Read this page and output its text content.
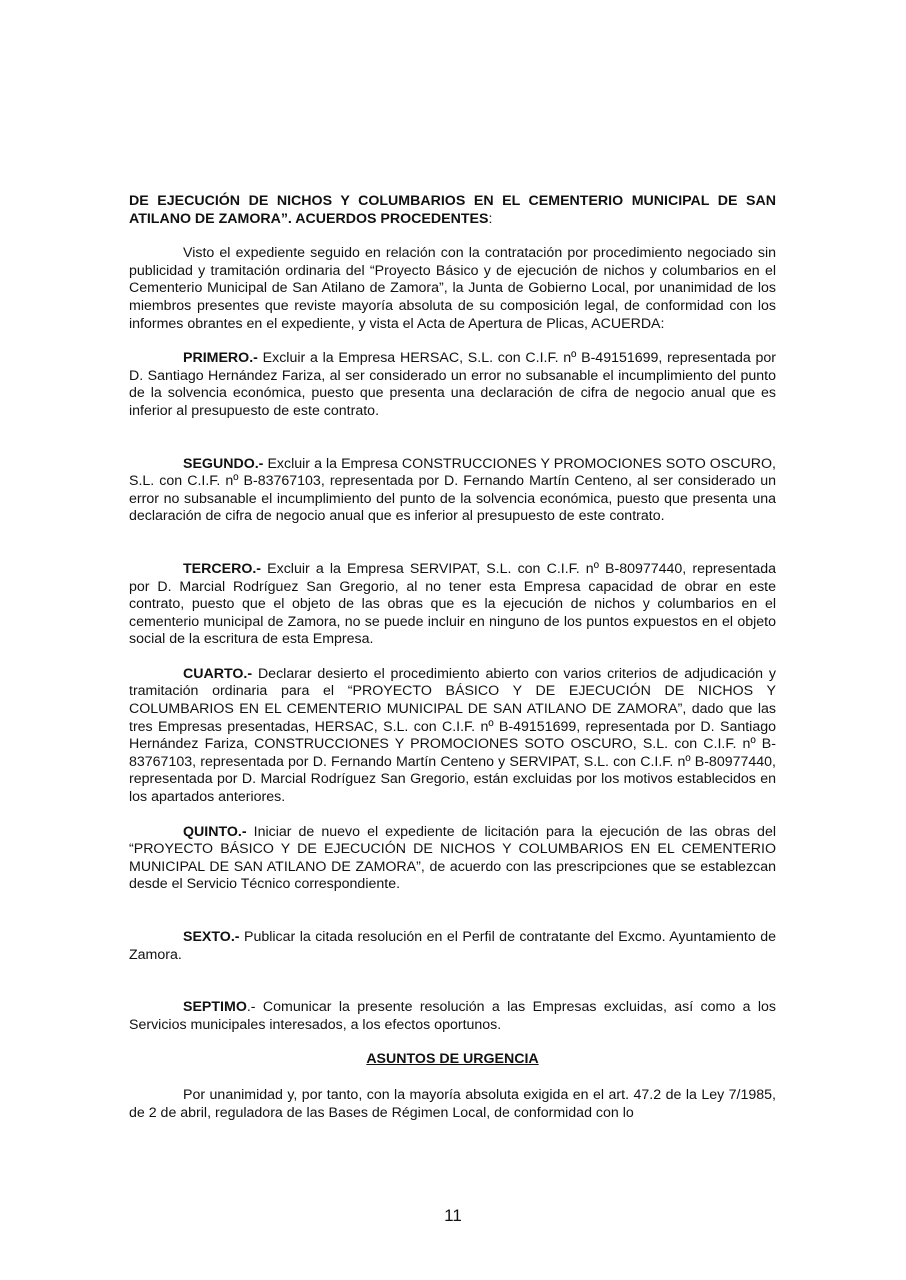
DE EJECUCIÓN DE NICHOS Y COLUMBARIOS EN EL CEMENTERIO MUNICIPAL DE SAN ATILANO DE ZAMORA”. ACUERDOS PROCEDENTES:

Visto el expediente seguido en relación con la contratación por procedimiento negociado sin publicidad y tramitación ordinaria del “Proyecto Básico y de ejecución de nichos y columbarios en el Cementerio Municipal de San Atilano de Zamora”, la Junta de Gobierno Local, por unanimidad de los miembros presentes que reviste mayoría absoluta de su composición legal, de conformidad con los informes obrantes en el expediente, y vista el Acta de Apertura de Plicas, ACUERDA:

PRIMERO.- Excluir a la Empresa HERSAC, S.L. con C.I.F. nº B-49151699, representada por D. Santiago Hernández Fariza, al ser considerado un error no subsanable el incumplimiento del punto de la solvencia económica, puesto que presenta una declaración de cifra de negocio anual que es inferior al presupuesto de este contrato.

SEGUNDO.- Excluir a la Empresa CONSTRUCCIONES Y PROMOCIONES SOTO OSCURO, S.L. con C.I.F. nº B-83767103, representada por D. Fernando Martín Centeno, al ser considerado un error no subsanable el incumplimiento del punto de la solvencia económica, puesto que presenta una declaración de cifra de negocio anual que es inferior al presupuesto de este contrato.

TERCERO.- Excluir a la Empresa SERVIPAT, S.L. con C.I.F. nº B-80977440, representada por D. Marcial Rodríguez San Gregorio, al no tener esta Empresa capacidad de obrar en este contrato, puesto que el objeto de las obras que es la ejecución de nichos y columbarios en el cementerio municipal de Zamora, no se puede incluir en ninguno de los puntos expuestos en el objeto social de la escritura de esta Empresa.

CUARTO.- Declarar desierto el procedimiento abierto con varios criterios de adjudicación y tramitación ordinaria para el “PROYECTO BÁSICO Y DE EJECUCIÓN DE NICHOS Y COLUMBARIOS EN EL CEMENTERIO MUNICIPAL DE SAN ATILANO DE ZAMORA”, dado que las tres Empresas presentadas, HERSAC, S.L. con C.I.F. nº B-49151699, representada por D. Santiago Hernández Fariza, CONSTRUCCIONES Y PROMOCIONES SOTO OSCURO, S.L. con C.I.F. nº B-83767103, representada por D. Fernando Martín Centeno y SERVIPAT, S.L. con C.I.F. nº B-80977440, representada por D. Marcial Rodríguez San Gregorio, están excluidas por los motivos establecidos en los apartados anteriores.

QUINTO.- Iniciar de nuevo el expediente de licitación para la ejecución de las obras del “PROYECTO BÁSICO Y DE EJECUCIÓN DE NICHOS Y COLUMBARIOS EN EL CEMENTERIO MUNICIPAL DE SAN ATILANO DE ZAMORA”, de acuerdo con las prescripciones que se establezcan desde el Servicio Técnico correspondiente.

SEXTO.- Publicar la citada resolución en el Perfil de contratante del Excmo. Ayuntamiento de Zamora.

SEPTIMO.- Comunicar la presente resolución a las Empresas excluidas, así como a los Servicios municipales interesados, a los efectos oportunos.

ASUNTOS DE URGENCIA

Por unanimidad y, por tanto, con la mayoría absoluta exigida en el art. 47.2 de la Ley 7/1985, de 2 de abril, reguladora de las Bases de Régimen Local, de conformidad con lo

11
